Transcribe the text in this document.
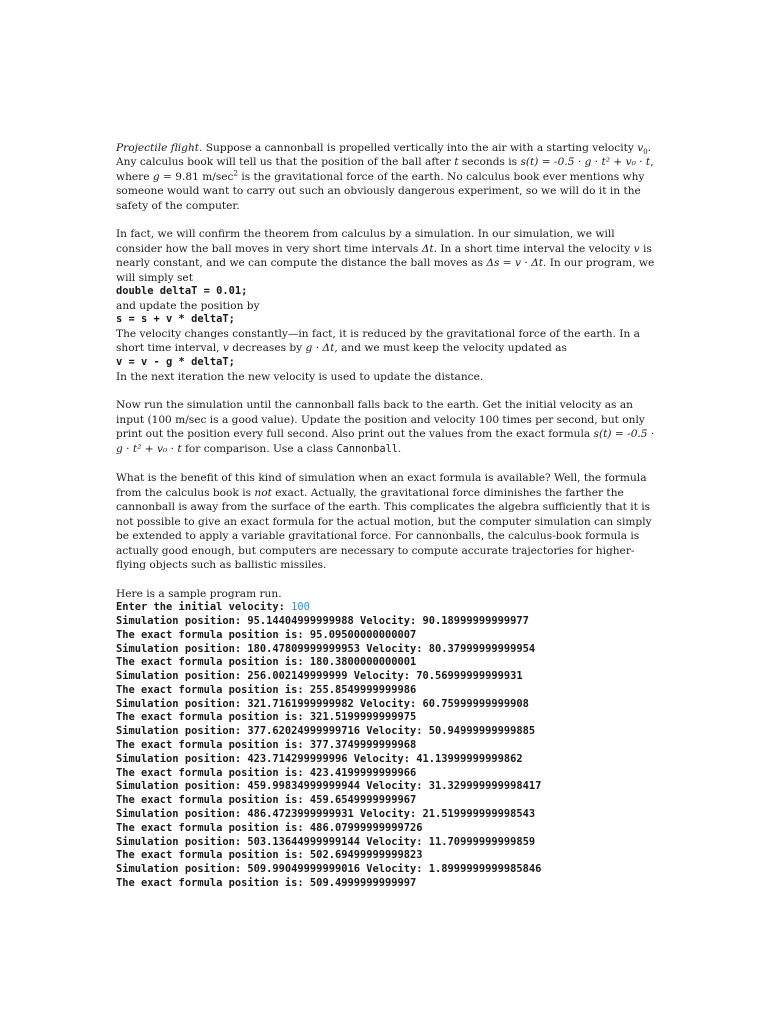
Projectile flight. Suppose a cannonball is propelled vertically into the air with a starting velocity $v_0$. Any calculus book will tell us that the position of the ball after t seconds is s(t) = -0.5 · g · t² + v₀ · t, where g = 9.81 $m/\sec^2$ is the gravitational force of the earth. No calculus book ever mentions why someone would want to carry out such an obviously dangerous experiment, so we will do it in the safety of the computer.

In fact, we will confirm the theorem from calculus by a simulation. In our simulation, we will consider how the ball moves in very short time intervals Δt. In a short time interval the velocity v is nearly constant, and we can compute the distance the ball moves as Δs = v · Δt. In our program, we will simply set

double deltaT = 0.01;

and update the position by

s = s + v * deltaT;

The velocity changes constantly—in fact, it is reduced by the gravitational force of the earth. In a short time interval, v decreases by g · Δt, and we must keep the velocity updated as

v = v - g * deltaT;

In the next iteration the new velocity is used to update the distance.

Now run the simulation until the cannonball falls back to the earth. Get the initial velocity as an input (100 m/sec is a good value). Update the position and velocity 100 times per second, but only print out the position every full second. Also print out the values from the exact formula s(t) = -0.5 · g · t² + v₀ · t for comparison. Use a class Cannonball.

What is the benefit of this kind of simulation when an exact formula is available? Well, the formula from the calculus book is not exact. Actually, the gravitational force diminishes the farther the cannonball is away from the surface of the earth. This complicates the algebra sufficiently that it is not possible to give an exact formula for the actual motion, but the computer simulation can simply be extended to apply a variable gravitational force. For cannonballs, the calculus-book formula is actually good enough, but computers are necessary to compute accurate trajectories for higher-flying objects such as ballistic missiles.

Here is a sample program run.

Enter the initial velocity: 100

Simulation position: 95.14404999999988 Velocity: 90.18999999999977

The exact formula position is: 95.09500000000007

Simulation position: 180.47809999999953 Velocity: 80.37999999999954

The exact formula position is: 180.3800000000001

Simulation position: 256.002149999999 Velocity: 70.56999999999931

The exact formula position is: 255.8549999999986

Simulation position: 321.7161999999982 Velocity: 60.75999999999908

The exact formula position is: 321.5199999999975

Simulation position: 377.62024999999716 Velocity: 50.94999999999885

The exact formula position is: 377.3749999999968

Simulation position: 423.714299999996 Velocity: 41.13999999999862

The exact formula position is: 423.4199999999966

Simulation position: 459.99834999999944 Velocity: 31.329999999998417

The exact formula position is: 459.6549999999967

Simulation position: 486.4723999999931 Velocity: 21.519999999998543

The exact formula position is: 486.07999999999726

Simulation position: 503.13644999999144 Velocity: 11.70999999999859

The exact formula position is: 502.69499999999823

Simulation position: 509.99049999999016 Velocity: 1.8999999999985846

The exact formula position is: 509.4999999999997
